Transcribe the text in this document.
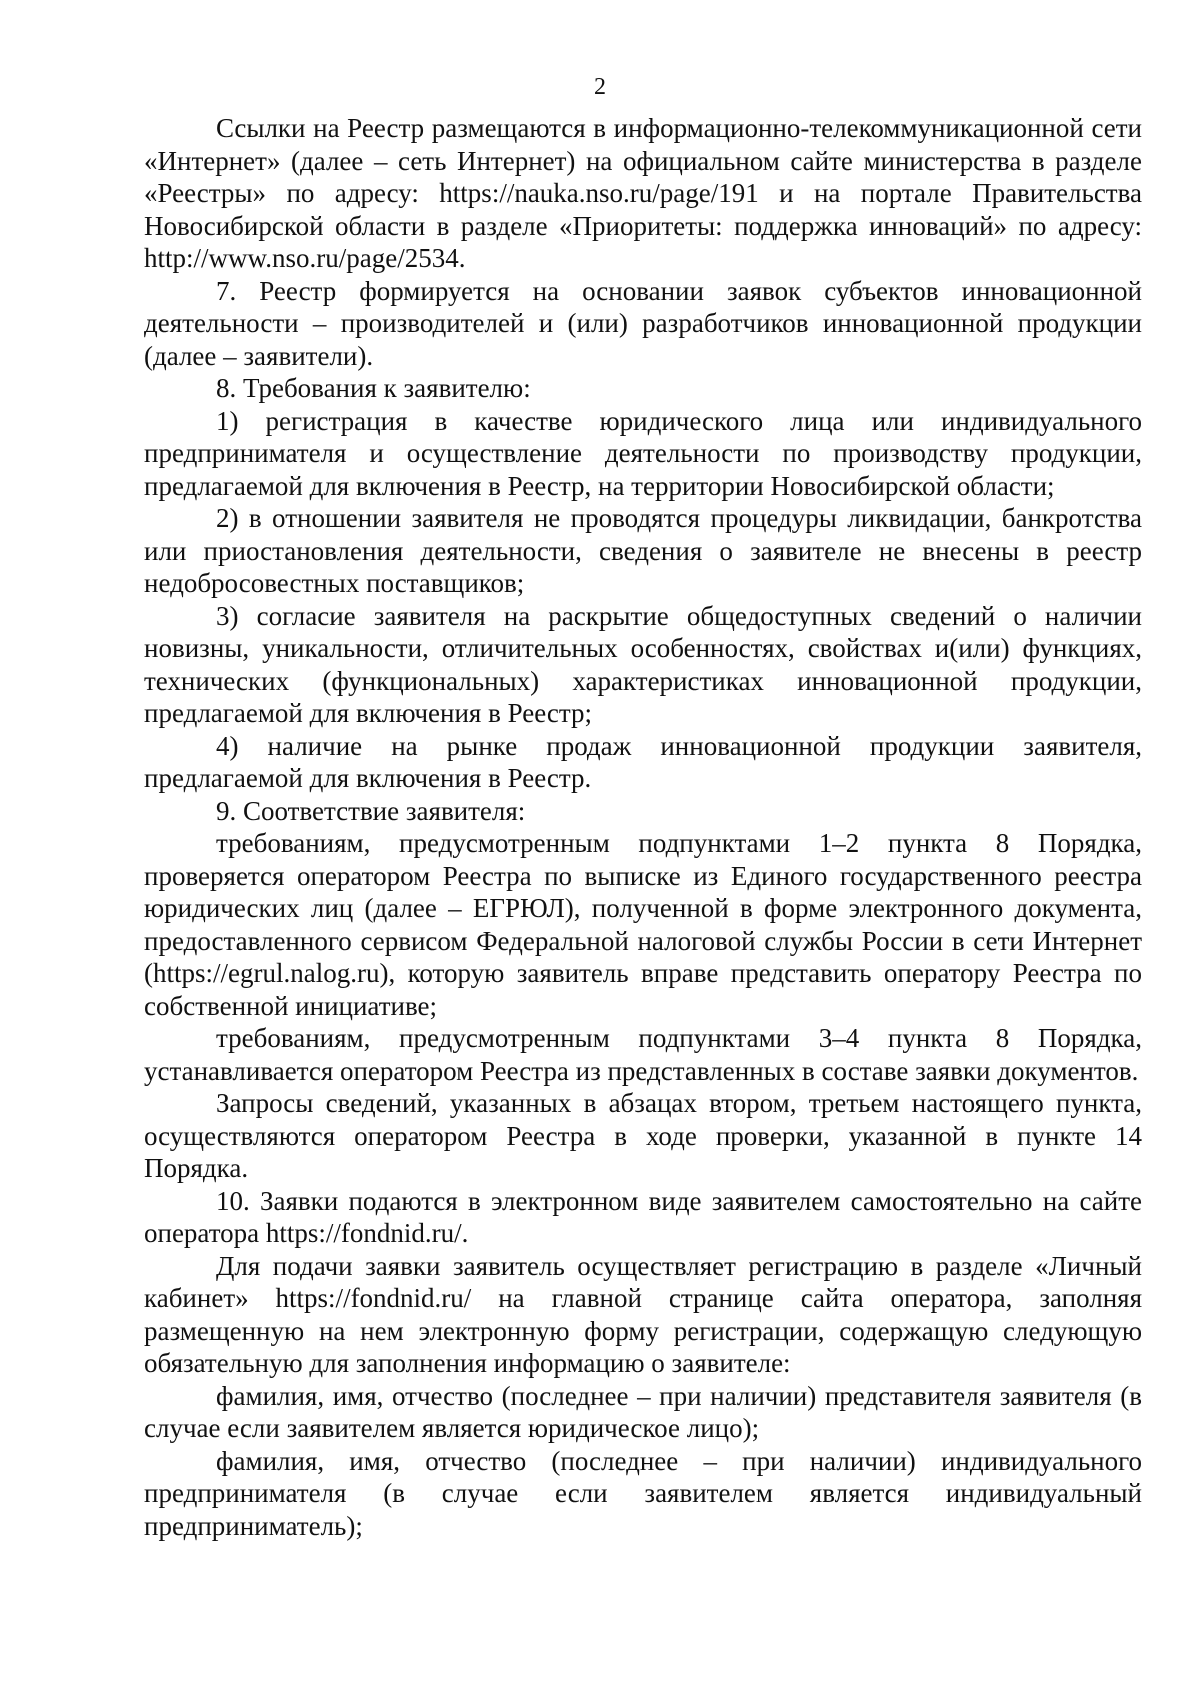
2

Ссылки на Реестр размещаются в информационно-телекоммуникационной сети «Интернет» (далее – сеть Интернет) на официальном сайте министерства в разделе «Реестры» по адресу: https://nauka.nso.ru/page/191 и на портале Правительства Новосибирской области в разделе «Приоритеты: поддержка инноваций» по адресу: http://www.nso.ru/page/2534.

7. Реестр формируется на основании заявок субъектов инновационной деятельности – производителей и (или) разработчиков инновационной продукции (далее – заявители).

8. Требования к заявителю:

1) регистрация в качестве юридического лица или индивидуального предпринимателя и осуществление деятельности по производству продукции, предлагаемой для включения в Реестр, на территории Новосибирской области;

2) в отношении заявителя не проводятся процедуры ликвидации, банкротства или приостановления деятельности, сведения о заявителе не внесены в реестр недобросовестных поставщиков;

3) согласие заявителя на раскрытие общедоступных сведений о наличии новизны, уникальности, отличительных особенностях, свойствах и(или) функциях, технических (функциональных) характеристиках инновационной продукции, предлагаемой для включения в Реестр;

4) наличие на рынке продаж инновационной продукции заявителя, предлагаемой для включения в Реестр.

9. Соответствие заявителя:

требованиям, предусмотренным подпунктами 1–2 пункта 8 Порядка, проверяется оператором Реестра по выписке из Единого государственного реестра юридических лиц (далее – ЕГРЮЛ), полученной в форме электронного документа, предоставленного сервисом Федеральной налоговой службы России в сети Интернет (https://egrul.nalog.ru), которую заявитель вправе представить оператору Реестра по собственной инициативе;

требованиям, предусмотренным подпунктами 3–4 пункта 8 Порядка, устанавливается оператором Реестра из представленных в составе заявки документов.

Запросы сведений, указанных в абзацах втором, третьем настоящего пункта, осуществляются оператором Реестра в ходе проверки, указанной в пункте 14 Порядка.

10. Заявки подаются в электронном виде заявителем самостоятельно на сайте оператора https://fondnid.ru/.

Для подачи заявки заявитель осуществляет регистрацию в разделе «Личный кабинет» https://fondnid.ru/ на главной странице сайта оператора, заполняя размещенную на нем электронную форму регистрации, содержащую следующую обязательную для заполнения информацию о заявителе:

фамилия, имя, отчество (последнее – при наличии) представителя заявителя (в случае если заявителем является юридическое лицо);

фамилия, имя, отчество (последнее – при наличии) индивидуального предпринимателя (в случае если заявителем является индивидуальный предприниматель);
